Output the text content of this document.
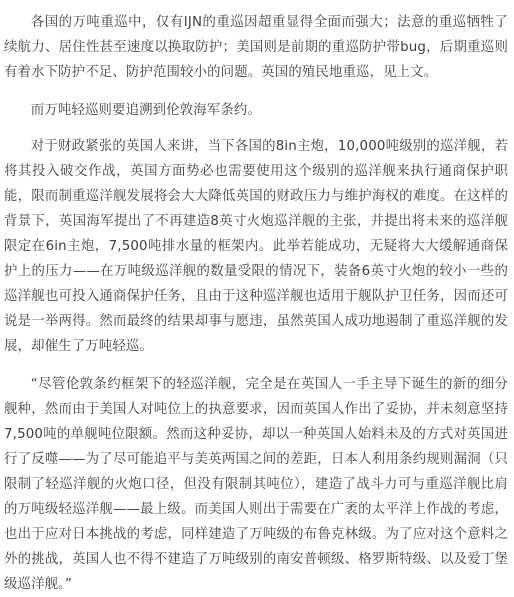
各国的万吨重巡中，仅有IJN的重巡因超重显得全面而强大；法意的重巡牺牲了续航力、居住性甚至速度以换取防护；美国则是前期的重巡防护带bug，后期重巡则有着水下防护不足、防护范围较小的问题。英国的殖民地重巡，见上文。

而万吨轻巡则要追溯到伦敦海军条约。

对于财政紧张的英国人来讲，当下各国的8in主炮，10,000吨级别的巡洋舰，若将其投入破交作战，英国方面势必也需要使用这个级别的巡洋舰来执行通商保护职能，限而制重巡洋舰发展将会大大降低英国的财政压力与维护海权的难度。在这样的背景下，英国海军提出了不再建造8英寸火炮巡洋舰的主张，并提出将未来的巡洋舰限定在6in主炮，7,500吨排水量的框架内。此举若能成功，无疑将大大缓解通商保护上的压力——在万吨级巡洋舰的数量受限的情况下，装备6英寸火炮的较小一些的巡洋舰也可投入通商保护任务，且由于这种巡洋舰也适用于舰队护卫任务，因而还可说是一举两得。然而最终的结果却事与愿违，虽然英国人成功地遏制了重巡洋舰的发展，却催生了万吨轻巡。

“尽管伦敦条约框架下的轻巡洋舰，完全是在英国人一手主导下诞生的新的细分舰种，然而由于美国人对吨位上的执意要求，因而英国人作出了妥协，并未刻意坚持7,500吨的单舰吨位限额。然而这种妥协，却以一种英国人始料未及的方式对英国进行了反噬——为了尽可能追平与美英两国之间的差距，日本人利用条约规则漏洞（只限制了轻巡洋舰的火炮口径，但没有限制其吨位），建造了战斗力可与重巡洋舰比肩的万吨级轻巡洋舰——最上级。而美国人则出于需要在广袤的太平洋上作战的考虑，也出于应对日本挑战的考虑，同样建造了万吨级的布鲁克林级。为了应对这个意料之外的挑战，英国人也不得不建造了万吨级别的南安普顿级、格罗斯特级、以及爱丁堡级巡洋舰。”
